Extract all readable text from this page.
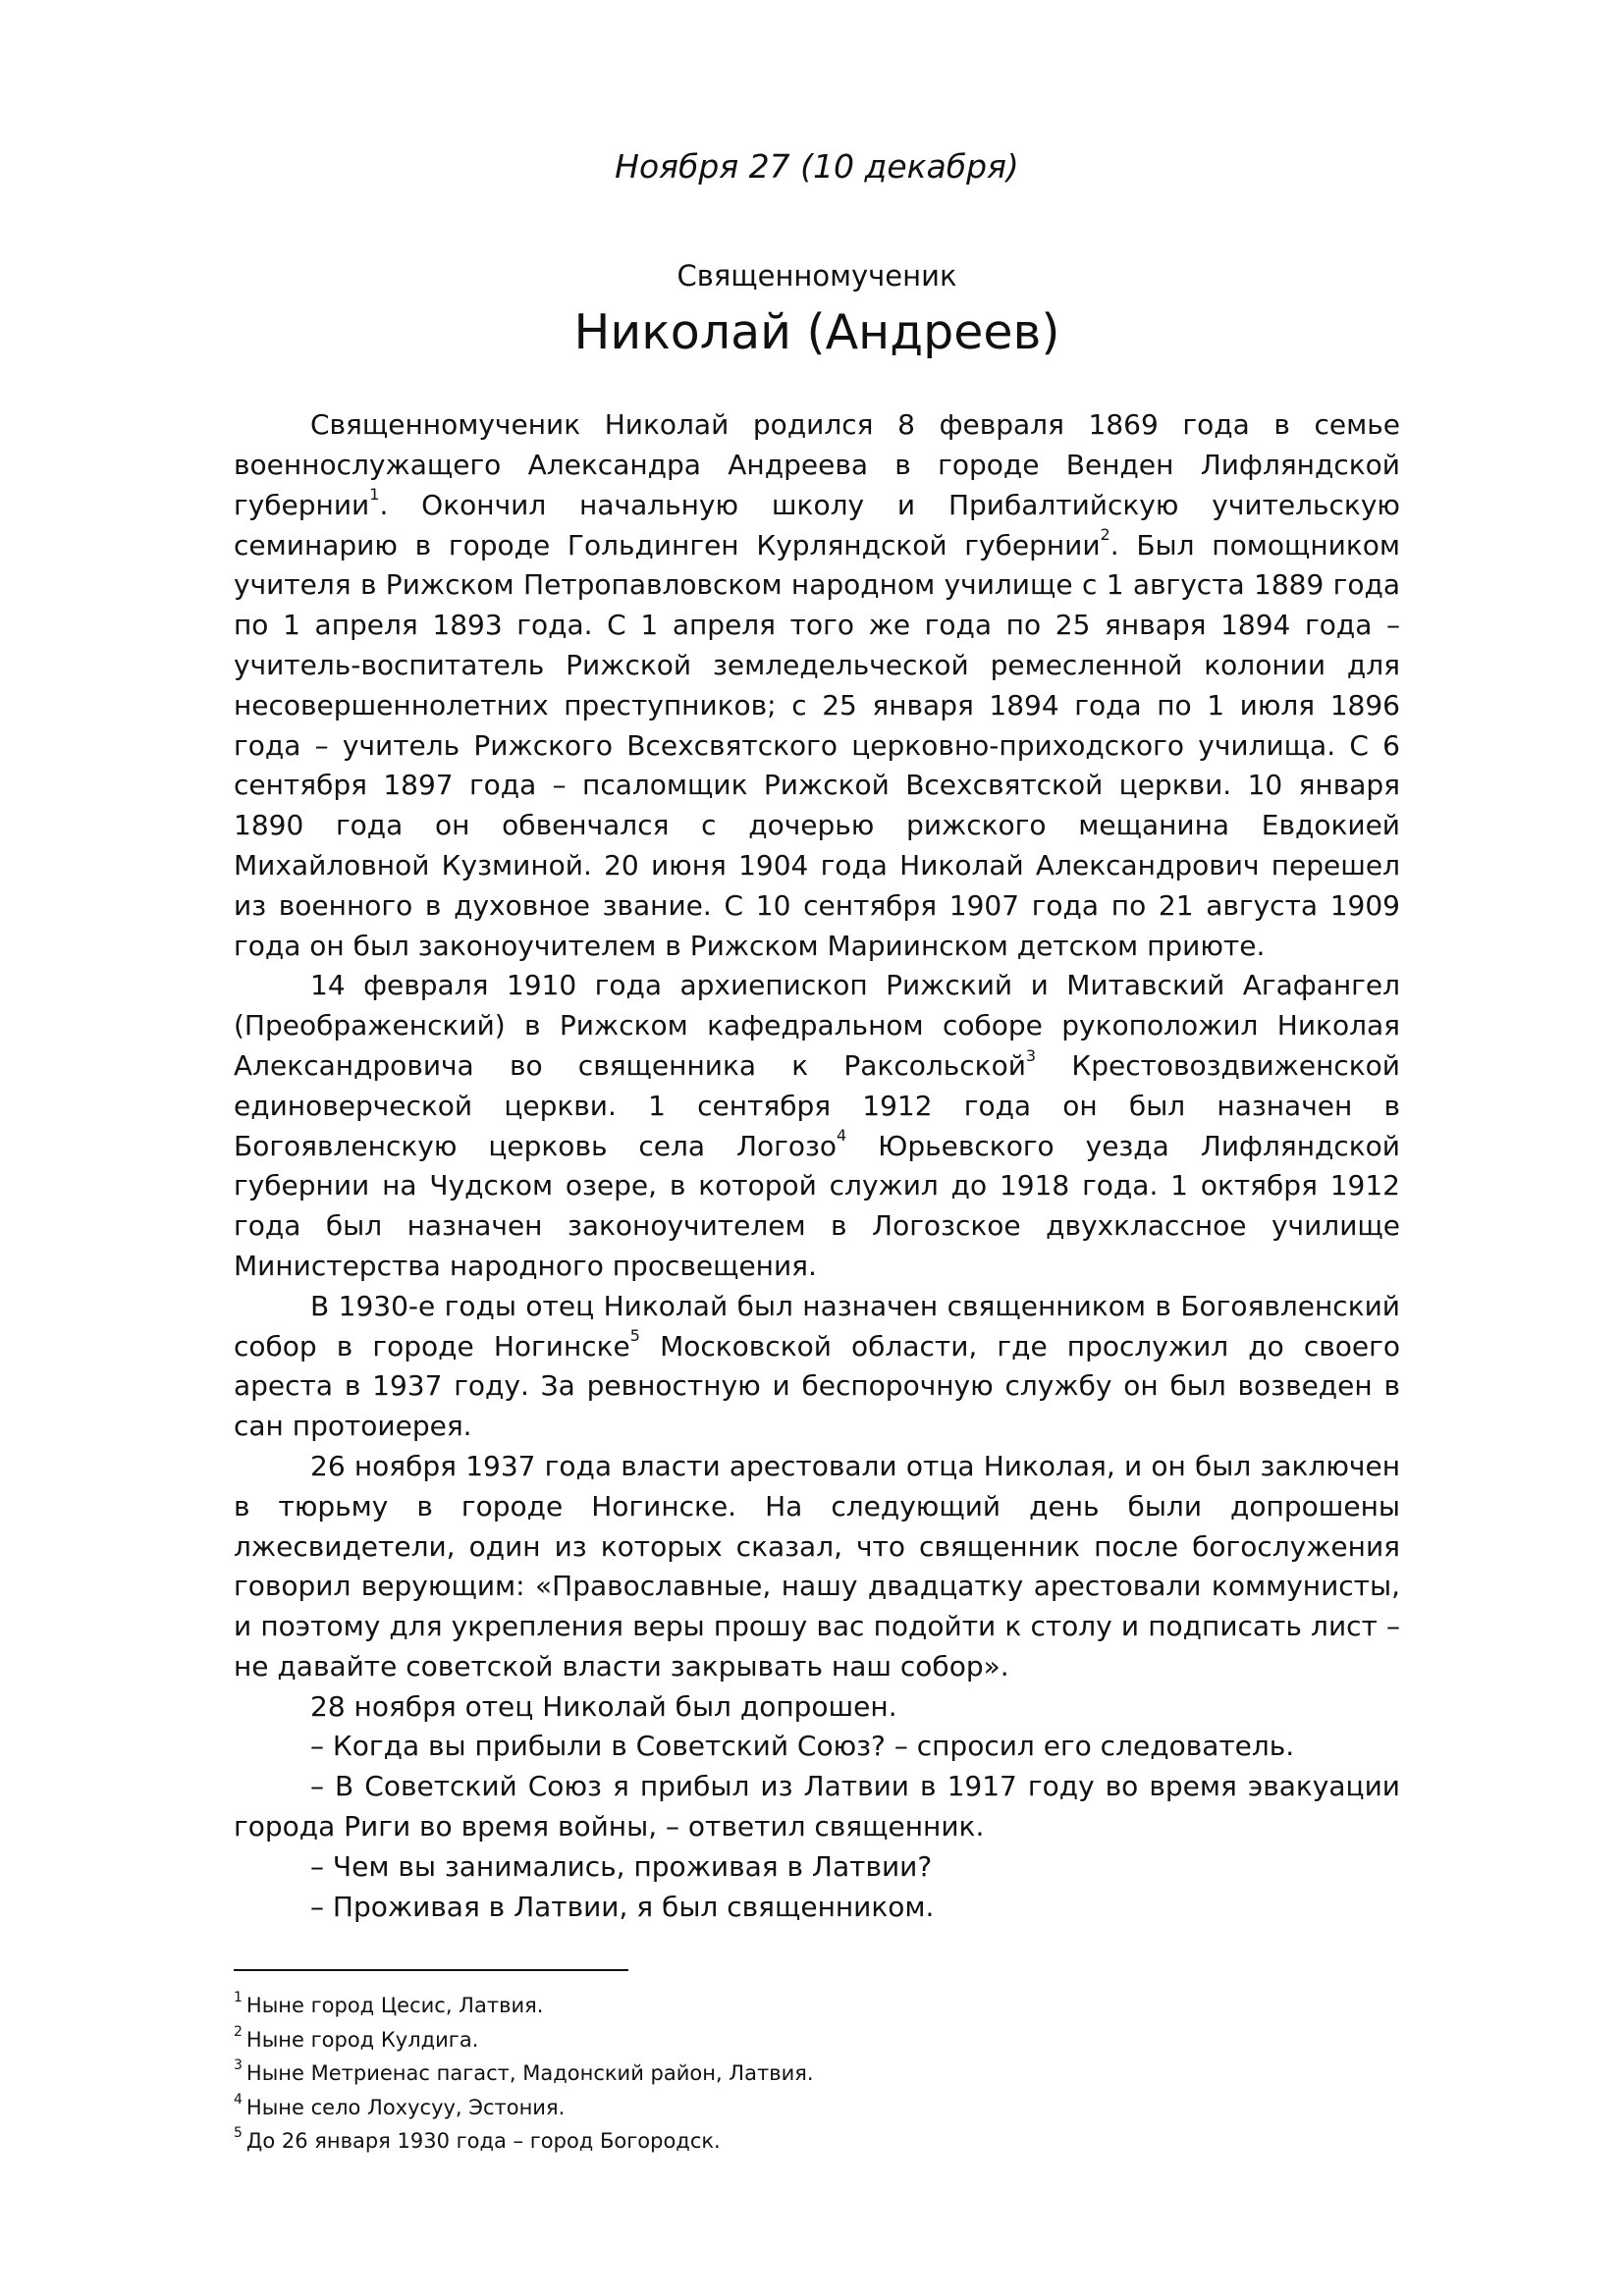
Ноября 27 (10 декабря)

Священномученик

Николай (Андреев)

Священномученик Николай родился 8 февраля 1869 года в семье военнослужащего Александра Андреева в городе Венден Лифляндской губернии$^1$. Окончил начальную школу и Прибалтийскую учительскую семинарию в городе Гольдинген Курляндской губернии$^2$. Был помощником учителя в Рижском Петропавловском народном училище с 1 августа 1889 года по 1 апреля 1893 года. С 1 апреля того же года по 25 января 1894 года – учитель-воспитатель Рижской земледельческой ремесленной колонии для несовершеннолетних преступников; с 25 января 1894 года по 1 июля 1896 года – учитель Рижского Всехсвятского церковно-приходского училища. С 6 сентября 1897 года – псаломщик Рижской Всехсвятской церкви. 10 января 1890 года он обвенчался с дочерью рижского мещанина Евдокией Михайловной Кузминой. 20 июня 1904 года Николай Александрович перешел из военного в духовное звание. С 10 сентября 1907 года по 21 августа 1909 года он был законоучителем в Рижском Мариинском детском приюте.

14 февраля 1910 года архиепископ Рижский и Митавский Агафангел (Преображенский) в Рижском кафедральном соборе рукоположил Николая Александровича во священника к Раксольской$^3$ Крестовоздвиженской единоверческой церкви. 1 сентября 1912 года он был назначен в Богоявленскую церковь села Логозо$^4$ Юрьевского уезда Лифляндской губернии на Чудском озере, в которой служил до 1918 года. 1 октября 1912 года был назначен законоучителем в Логозское двухклассное училище Министерства народного просвещения.

В 1930-е годы отец Николай был назначен священником в Богоявленский собор в городе Ногинске$^5$ Московской области, где прослужил до своего ареста в 1937 году. За ревностную и беспорочную службу он был возведен в сан протоиерея.

26 ноября 1937 года власти арестовали отца Николая, и он был заключен в тюрьму в городе Ногинске. На следующий день были допрошены лжесвидетели, один из которых сказал, что священник после богослужения говорил верующим: «Православные, нашу двадцатку арестовали коммунисты, и поэтому для укрепления веры прошу вас подойти к столу и подписать лист – не давайте советской власти закрывать наш собор».

28 ноября отец Николай был допрошен.

– Когда вы прибыли в Советский Союз? – спросил его следователь.

– В Советский Союз я прибыл из Латвии в 1917 году во время эвакуации города Риги во время войны, – ответил священник.

– Чем вы занимались, проживая в Латвии?

– Проживая в Латвии, я был священником.

$^1$ Ныне город Цесис, Латвия.
$^2$ Ныне город Кулдига.
$^3$ Ныне Метриенас пагаст, Мадонский район, Латвия.
$^4$ Ныне село Лохусуу, Эстония.
$^5$ До 26 января 1930 года – город Богородск.
